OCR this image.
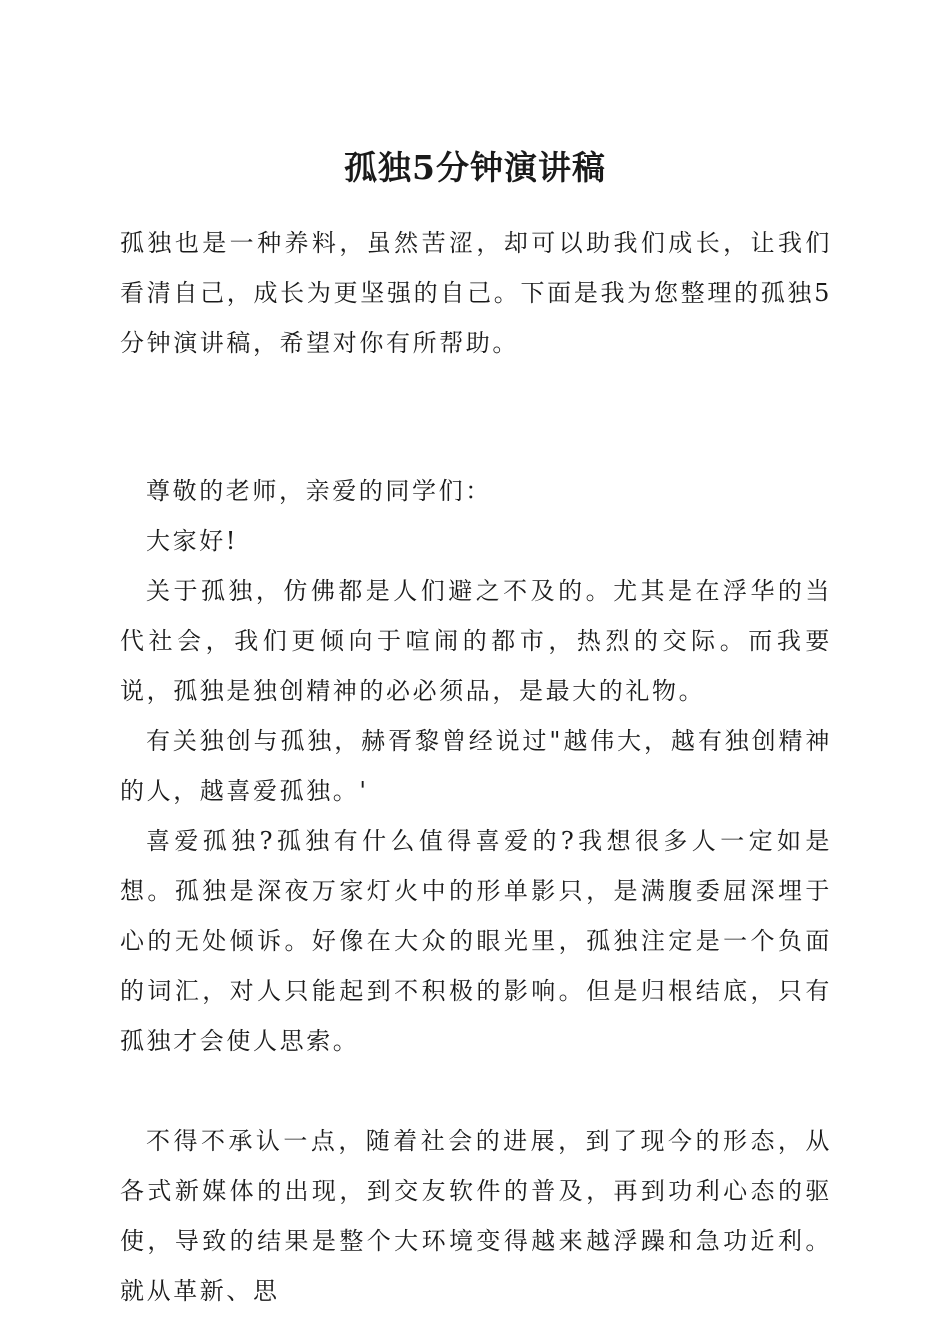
孤独5分钟演讲稿

孤独也是一种养料，虽然苦涩，却可以助我们成长，让我们看清自己，成长为更坚强的自己。下面是我为您整理的孤独5分钟演讲稿，希望对你有所帮助。

尊敬的老师，亲爱的同学们：

大家好!

关于孤独，仿佛都是人们避之不及的。尤其是在浮华的当代社会，我们更倾向于喧闹的都市，热烈的交际。而我要说，孤独是独创精神的必必须品，是最大的礼物。

有关独创与孤独，赫胥黎曾经说过"越伟大，越有独创精神的人，越喜爱孤独。'

喜爱孤独?孤独有什么值得喜爱的?我想很多人一定如是想。孤独是深夜万家灯火中的形单影只，是满腹委屈深埋于心的无处倾诉。好像在大众的眼光里，孤独注定是一个负面的词汇，对人只能起到不积极的影响。但是归根结底，只有孤独才会使人思索。

不得不承认一点，随着社会的进展，到了现今的形态，从各式新媒体的出现，到交友软件的普及，再到功利心态的驱使，导致的结果是整个大环境变得越来越浮躁和急功近利。就从革新、思
